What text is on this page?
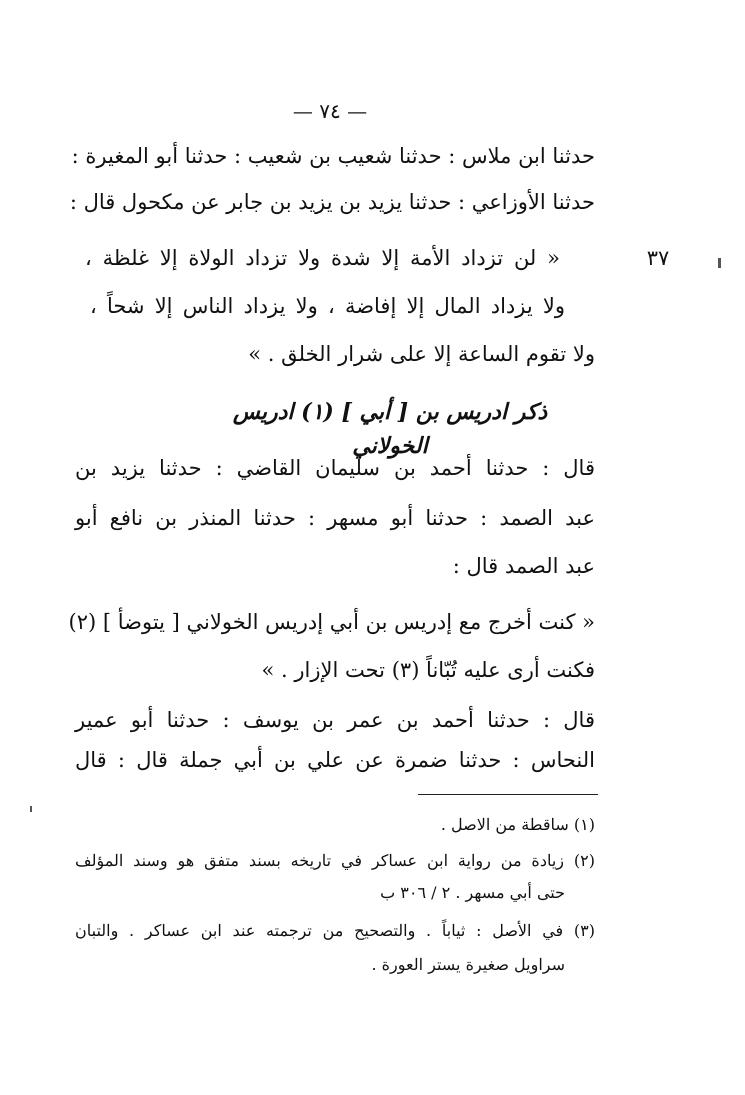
— ٧٤ —
حدثنا ابن ملاس : حدثنا شعيب بن شعيب : حدثنا أبو المغيرة :
حدثنا الأوزاعي : حدثنا يزيد بن يزيد بن جابر عن مكحول قال :
٣٧
« لن تزداد الأمة إلا شدة ولا تزداد الولاة إلا غلظة ،
ولا يزداد المال إلا إفاضة ، ولا يزداد الناس إلا شحاً ،
ولا تقوم الساعة إلا على شرار الخلق . »
ذكر ادريس بن [ أبي ] (١) ادريس الخولاني
قال : حدثنا أحمد بن سليمان القاضي : حدثنا يزيد بن
عبد الصمد : حدثنا أبو مسهر : حدثنا المنذر بن نافع أبو
عبد الصمد قال :
« كنت أخرج مع إدريس بن أبي إدريس الخولاني [ يتوضأ ] (٢)
فكنت أرى عليه تُبّاناً (٣) تحت الإزار . »
قال : حدثنا أحمد بن عمر بن يوسف : حدثنا أبو عمير
النحاس : حدثنا ضمرة عن علي بن أبي جملة قال : قال
(١) ساقطة من الاصل .
(٢) زيادة من رواية ابن عساكر في تاريخه بسند متفق هو وسند المؤلف
حتى أبي مسهر . ٢ / ٣٠٦ ب
(٣) في الأصل : ثياباً . والتصحيح من ترجمته عند ابن عساكر . والتبان
سراويل صغيرة يستر العورة .
